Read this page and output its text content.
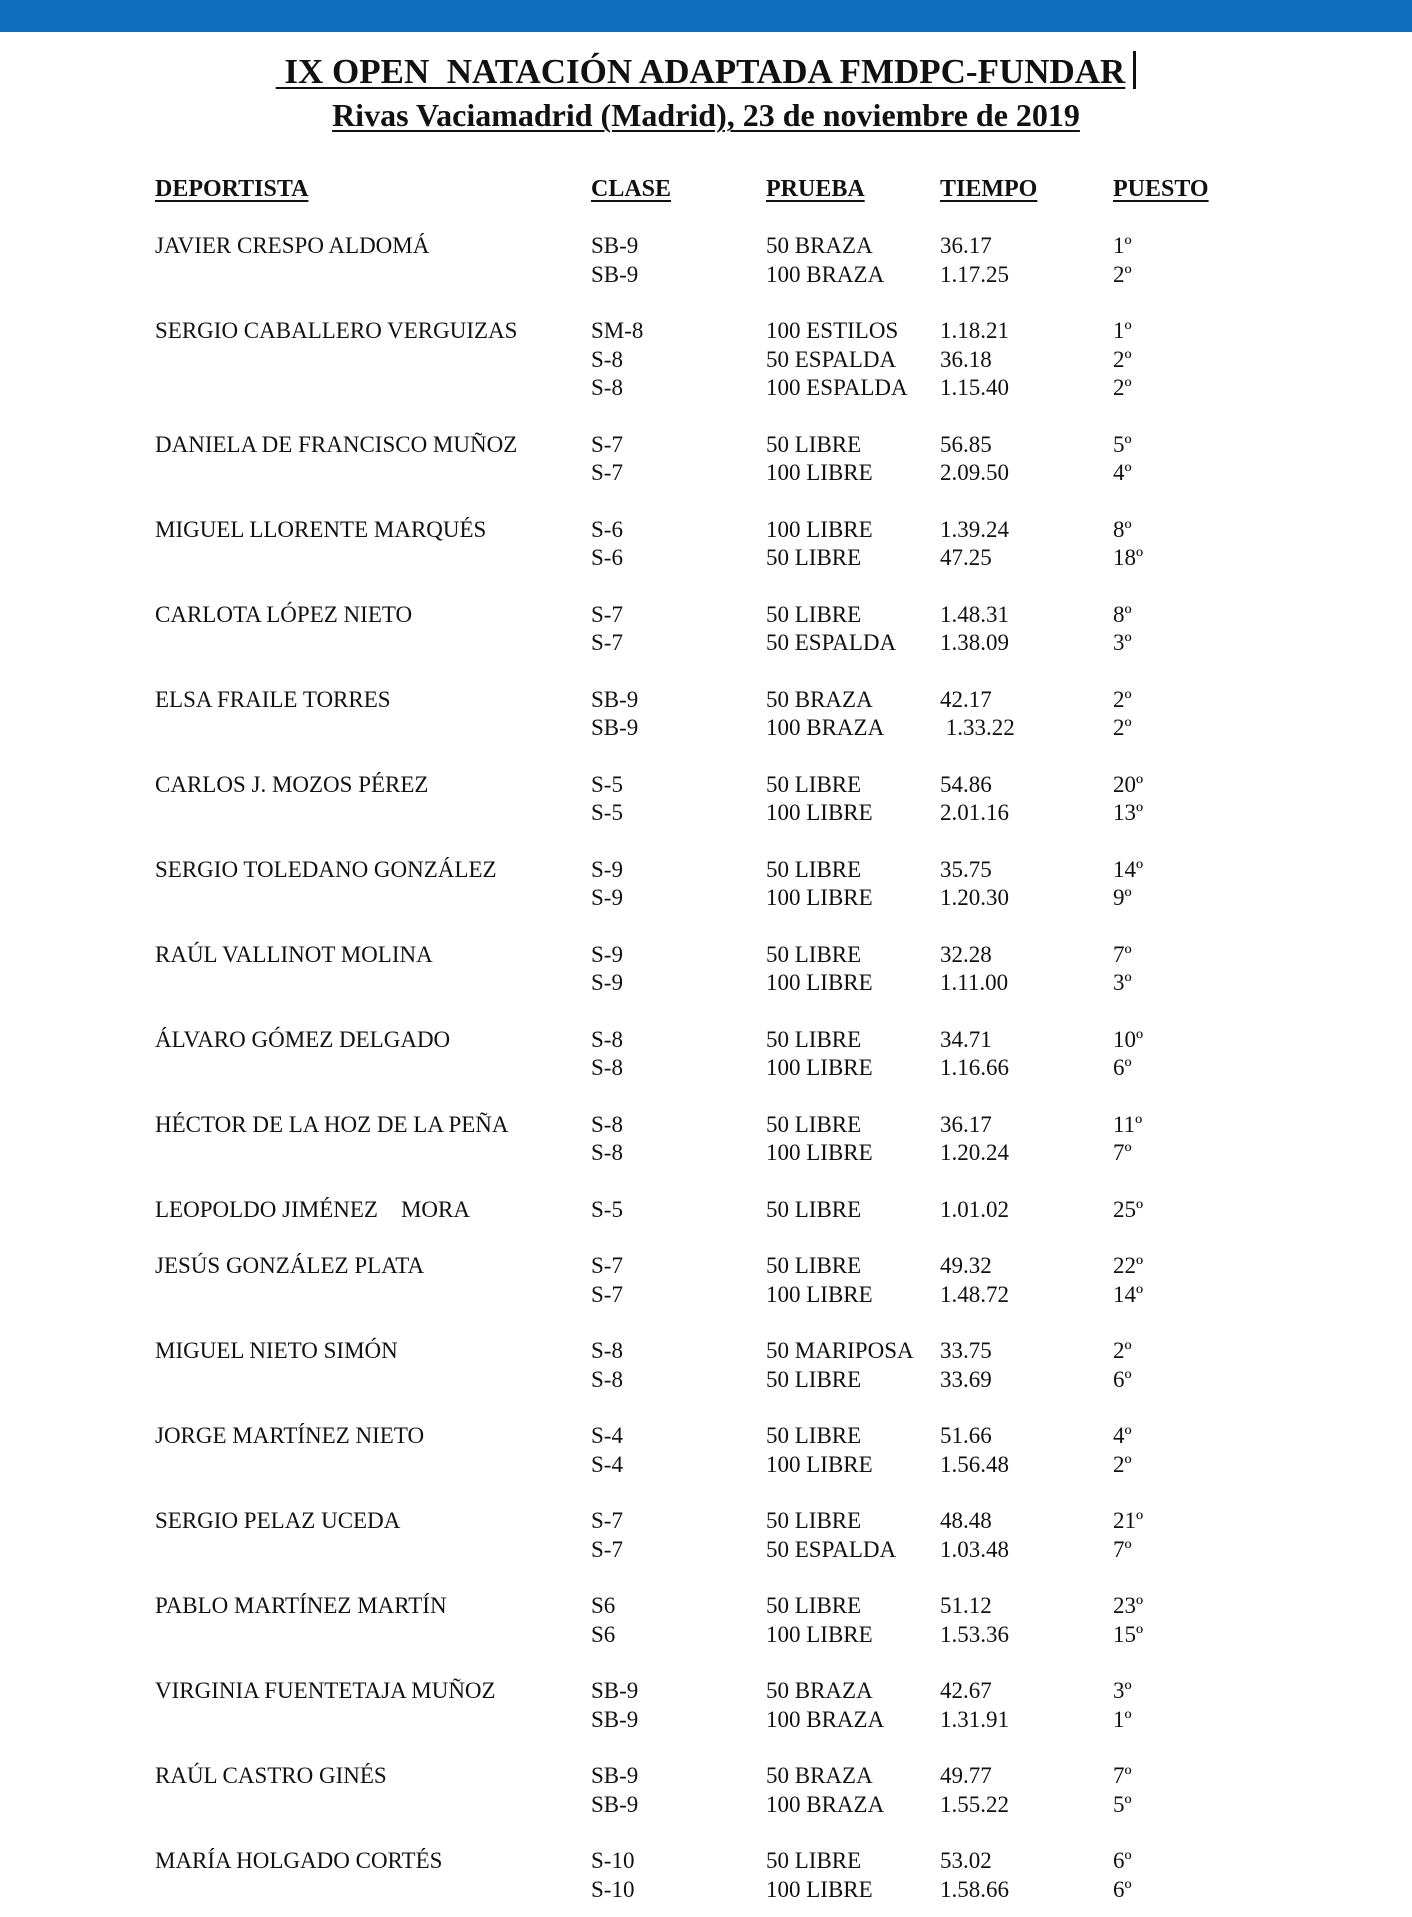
IX OPEN  NATACIÓN ADAPTADA FMDPC-FUNDAR
Rivas Vaciamadrid (Madrid), 23 de noviembre de 2019
DEPORTISTA	CLASE	PRUEBA	TIEMPO	PUESTO
JAVIER CRESPO ALDOMÁ	SB-9	50 BRAZA	36.17	1º
SB-9	100 BRAZA 1.17.25	2º
SERGIO CABALLERO VERGUIZAS	SM-8	100 ESTILOS 1.18.21	1º
S-8	50 ESPALDA 36.18	2º
S-8	100 ESPALDA 1.15.40	2º
DANIELA DE FRANCISCO MUÑOZ	S-7	50 LIBRE	56.85	5º
S-7	100 LIBRE	2.09.50	4º
MIGUEL LLORENTE MARQUÉS	S-6	100 LIBRE	1.39.24	8º
S-6	50 LIBRE	47.25	18º
CARLOTA LÓPEZ NIETO	S-7	50 LIBRE	1.48.31	8º
S-7	50 ESPALDA 1.38.09	3º
ELSA FRAILE TORRES	SB-9	50 BRAZA	42.17	2º
SB-9	100 BRAZA 1.33.22	2º
CARLOS J. MOZOS PÉREZ	S-5	50 LIBRE	54.86	20º
S-5	100 LIBRE	2.01.16	13º
SERGIO TOLEDANO GONZÁLEZ	S-9	50 LIBRE	35.75	14º
S-9	100 LIBRE	1.20.30	9º
RAÚL VALLINOT MOLINA	S-9	50 LIBRE	32.28	7º
S-9	100 LIBRE	1.11.00	3º
ÁLVARO GÓMEZ DELGADO	S-8	50 LIBRE	34.71	10º
S-8	100 LIBRE	1.16.66	6º
HÉCTOR DE LA HOZ DE LA PEÑA	S-8	50 LIBRE	36.17	11º
S-8	100 LIBRE	1.20.24	7º
LEOPOLDO JIMÉNEZ    MORA	S-5	50 LIBRE	1.01.02	25º
JESÚS GONZÁLEZ PLATA	S-7	50 LIBRE	49.32	22º
S-7	100 LIBRE	1.48.72	14º
MIGUEL NIETO SIMÓN	S-8	50 MARIPOSA 33.75	2º
S-8	50 LIBRE	33.69	6º
JORGE MARTÍNEZ NIETO	S-4	50 LIBRE	51.66	4º
S-4	100 LIBRE	1.56.48	2º
SERGIO PELAZ UCEDA	S-7	50 LIBRE	48.48	21º
S-7	50 ESPALDA 1.03.48	7º
PABLO MARTÍNEZ MARTÍN	S6	50 LIBRE	51.12	23º
S6	100 LIBRE	1.53.36	15º
VIRGINIA FUENTETAJA MUÑOZ	SB-9	50 BRAZA	42.67	3º
SB-9	100 BRAZA 1.31.91	1º
RAÚL CASTRO GINÉS	SB-9	50 BRAZA	49.77	7º
SB-9	100 BRAZA 1.55.22	5º
MARÍA HOLGADO CORTÉS	S-10	50 LIBRE	53.02	6º
S-10	100 LIBRE	1.58.66	6º
